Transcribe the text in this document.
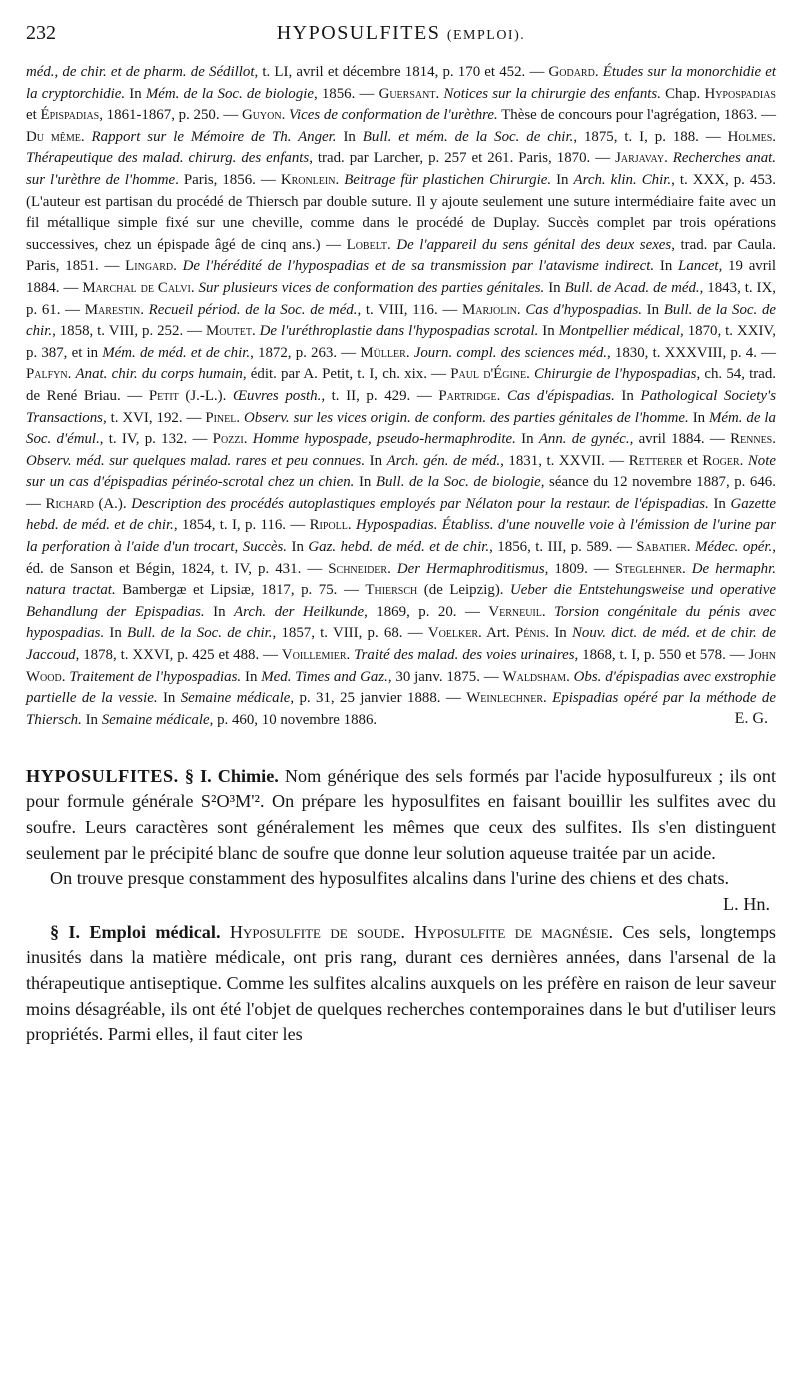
232	HYPOSULFITES (EMPLOI).

méd., de chir. et de pharm. de Sédillot, t. LI, avril et décembre 1814, p. 170 et 452. — Godard. Études sur la monorchidie et la cryptorchidie. In Mém. de la Soc. de biologie, 1856. — Guersant. Notices sur la chirurgie des enfants. Chap. Hypospadias et Épispadias, 1861-1867, p. 250. — Guyon. Vices de conformation de l'urèthre. Thèse de concours pour l'agrégation, 1863. — Du même. Rapport sur le Mémoire de Th. Anger. In Bull. et mém. de la Soc. de chir., 1875, t. I, p. 188. — Holmes. Thérapeutique des malad. chirurg. des enfants, trad. par Larcher, p. 257 et 261. Paris, 1870. — Jarjavay. Recherches anat. sur l'urèthre de l'homme. Paris, 1856. — Kronlein. Beitrage für plastichen Chirurgie. In Arch. klin. Chir., t. XXX, p. 453. (L'auteur est partisan du procédé de Thiersch par double suture. Il y ajoute seulement une suture intermédiaire faite avec un fil métallique simple fixé sur une cheville, comme dans le procédé de Duplay. Succès complet par trois opérations successives, chez un épispade âgé de cinq ans.) — Lobelt. De l'appareil du sens génital des deux sexes, trad. par Caula. Paris, 1851. — Lingard. De l'hérédité de l'hypospadias et de sa transmission par l'atavisme indirect. In Lancet, 19 avril 1884. — Marchal de Calvi. Sur plusieurs vices de conformation des parties génitales. In Bull. de Acad. de méd., 1843, t. IX, p. 61. — Marestin. Recueil périod. de la Soc. de méd., t. VIII, 116. — Marjolin. Cas d'hypospadias. In Bull. de la Soc. de chir., 1858, t. VIII, p. 252. — Moutet. De l'uréthroplastie dans l'hypospadias scrotal. In Montpellier médical, 1870, t. XXIV, p. 387, et in Mém. de méd. et de chir., 1872, p. 263. — Müller. Journ. compl. des sciences méd., 1830, t. XXXVIII, p. 4. — Palfyn. Anat. chir. du corps humain, édit. par A. Petit, t. I, ch. xix. — Paul d'Égine. Chirurgie de l'hypospadias, ch. 54, trad. de René Briau. — Petit (J.-L.). Œuvres posth., t. II, p. 429. — Partridge. Cas d'épispadias. In Pathological Society's Transactions, t. XVI, 192. — Pinel. Observ. sur les vices origin. de conform. des parties génitales de l'homme. In Mém. de la Soc. d'émul., t. IV, p. 132. — Pozzi. Homme hypospade, pseudo-hermaphrodite. In Ann. de gynéc., avril 1884. — Rennes. Observ. méd. sur quelques malad. rares et peu connues. In Arch. gén. de méd., 1831, t. XXVII. — Retterer et Roger. Note sur un cas d'épispadias périnéo-scrotal chez un chien. In Bull. de la Soc. de biologie, séance du 12 novembre 1887, p. 646. — Richard (A.). Description des procédés autoplastiques employés par Nélaton pour la restaur. de l'épispadias. In Gazette hebd. de méd. et de chir., 1854, t. I, p. 116. — Ripoll. Hypospadias. Établiss. d'une nouvelle voie à l'émission de l'urine par la perforation à l'aide d'un trocart, Succès. In Gaz. hebd. de méd. et de chir., 1856, t. III, p. 589. — Sabatier. Médec. opér., éd. de Sanson et Bégin, 1824, t. IV, p. 431. — Schneider. Der Hermaphroditismus, 1809. — Steglehner. De hermaphr. natura tractat. Bambergæ et Lipsiæ, 1817, p. 75. — Thiersch (de Leipzig). Ueber die Entstehungsweise und operative Behandlung der Epispadias. In Arch. der Heilkunde, 1869, p. 20. — Verneuil. Torsion congénitale du pénis avec hypospadias. In Bull. de la Soc. de chir., 1857, t. VIII, p. 68. — Voelker. Art. Pénis. In Nouv. dict. de méd. et de chir. de Jaccoud, 1878, t. XXVI, p. 425 et 488. — Voillemier. Traité des malad. des voies urinaires, 1868, t. I, p. 550 et 578. — John Wood. Traitement de l'hypospadias. In Med. Times and Gaz., 30 janv. 1875. — Waldsham. Obs. d'épispadias avec exstrophie partielle de la vessie. In Semaine médicale, p. 31, 25 janvier 1888. — Weinlechner. Epispadias opéré par la méthode de Thiersch. In Semaine médicale, p. 460, 10 novembre 1886.	E. G.

HYPOSULFITES. § I. Chimie. Nom générique des sels formés par l'acide hyposulfureux ; ils ont pour formule générale S²O³M'². On prépare les hyposulfites en faisant bouillir les sulfites avec du soufre. Leurs caractères sont généralement les mêmes que ceux des sulfites. Ils s'en distinguent seulement par le précipité blanc de soufre que donne leur solution aqueuse traitée par un acide.

On trouve presque constamment des hyposulfites alcalins dans l'urine des chiens et des chats.
L. Hn.

§ I. Emploi médical. Hyposulfite de soude. Hyposulfite de magnésie. Ces sels, longtemps inusités dans la matière médicale, ont pris rang, durant ces dernières années, dans l'arsenal de la thérapeutique antiseptique. Comme les sulfites alcalins auxquels on les préfère en raison de leur saveur moins désagréable, ils ont été l'objet de quelques recherches contemporaines dans le but d'utiliser leurs propriétés. Parmi elles, il faut citer les
